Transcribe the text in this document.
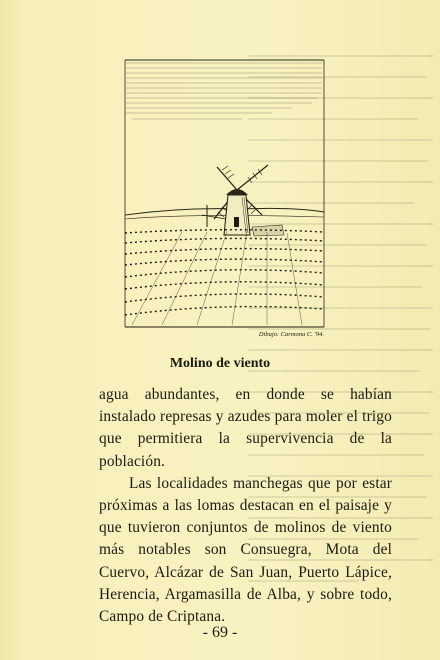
Dibujo: Carmona C. '94.
Molino de viento

agua abundantes, en donde se habían instalado represas y azudes para moler el trigo que permitiera la supervivencia de la población.

Las localidades manchegas que por estar próximas a las lomas destacan en el paisaje y que tuvieron conjuntos de molinos de viento más notables son Consuegra, Mota del Cuervo, Alcázar de San Juan, Puerto Lápice, Herencia, Argamasilla de Alba, y sobre todo, Campo de Criptana.

- 69 -
